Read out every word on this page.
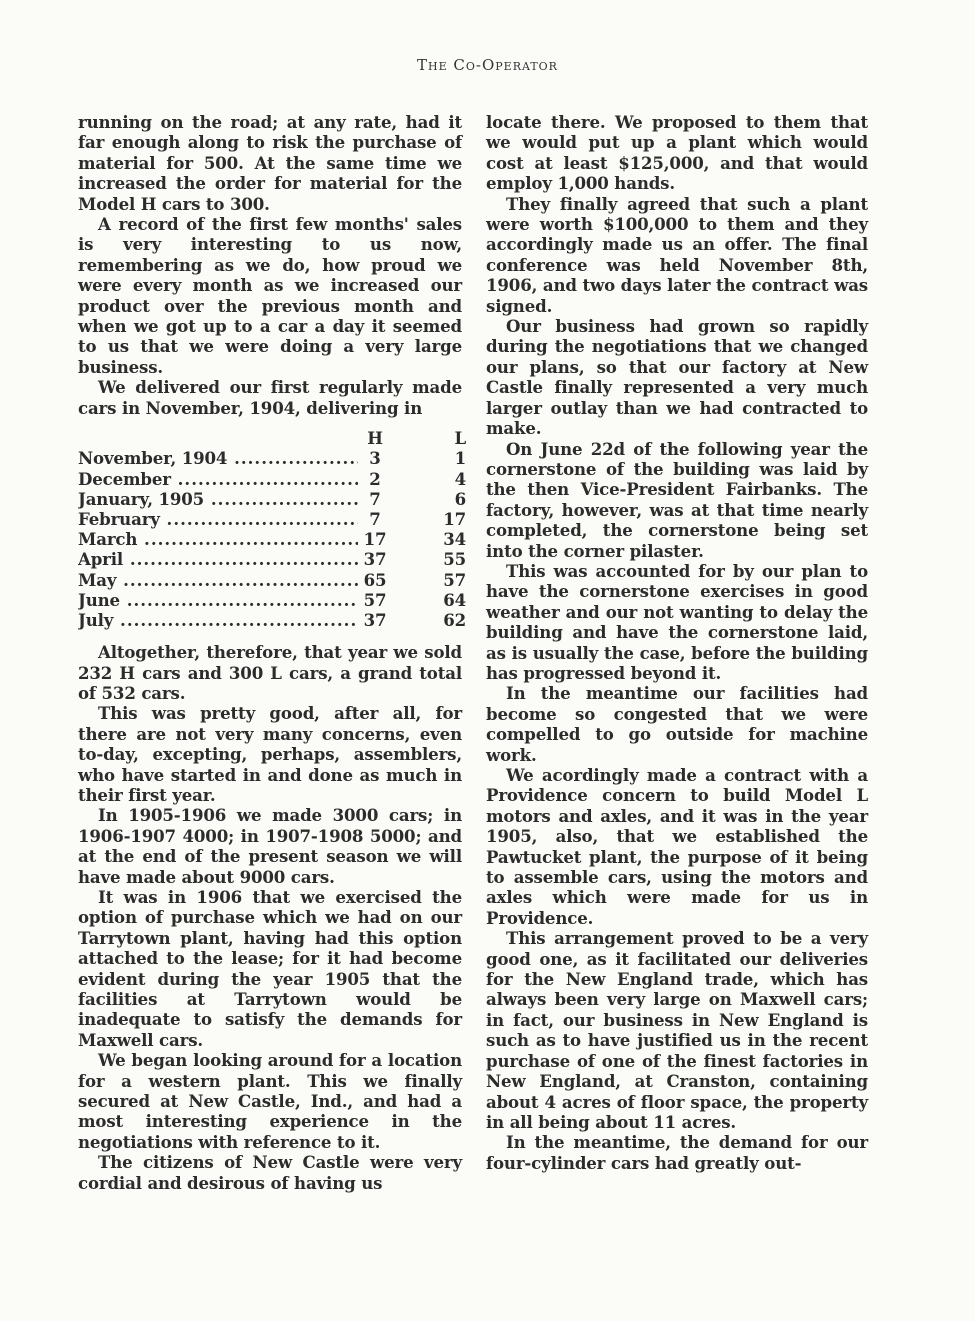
The Co-Operator

running on the road; at any rate, had it far enough along to risk the purchase of material for 500. At the same time we increased the order for material for the Model H cars to 300.

A record of the first few months' sales is very interesting to us now, remembering as we do, how proud we were every month as we increased our product over the previous month and when we got up to a car a day it seemed to us that we were doing a very large business.

We delivered our first regularly made cars in November, 1904, delivering in

H	L
November, 1904 .....	3	1
December .....	2	4
January, 1905 .....	7	6
February .....	7	17
March .....	17	34
April .....	37	55
May .....	65	57
June .....	57	64
July .....	37	62

Altogether, therefore, that year we sold 232 H cars and 300 L cars, a grand total of 532 cars.

This was pretty good, after all, for there are not very many concerns, even to-day, excepting, perhaps, assemblers, who have started in and done as much in their first year.

In 1905-1906 we made 3000 cars; in 1906-1907 4000; in 1907-1908 5000; and at the end of the present season we will have made about 9000 cars.

It was in 1906 that we exercised the option of purchase which we had on our Tarrytown plant, having had this option attached to the lease; for it had become evident during the year 1905 that the facilities at Tarrytown would be inadequate to satisfy the demands for Maxwell cars.

We began looking around for a location for a western plant. This we finally secured at New Castle, Ind., and had a most interesting experience in the negotiations with reference to it.

The citizens of New Castle were very cordial and desirous of having us

locate there. We proposed to them that we would put up a plant which would cost at least $125,000, and that would employ 1,000 hands.

They finally agreed that such a plant were worth $100,000 to them and they accordingly made us an offer. The final conference was held November 8th, 1906, and two days later the contract was signed.

Our business had grown so rapidly during the negotiations that we changed our plans, so that our factory at New Castle finally represented a very much larger outlay than we had contracted to make.

On June 22d of the following year the cornerstone of the building was laid by the then Vice-President Fairbanks. The factory, however, was at that time nearly completed, the cornerstone being set into the corner pilaster.

This was accounted for by our plan to have the cornerstone exercises in good weather and our not wanting to delay the building and have the cornerstone laid, as is usually the case, before the building has progressed beyond it.

In the meantime our facilities had become so congested that we were compelled to go outside for machine work.

We acordingly made a contract with a Providence concern to build Model L motors and axles, and it was in the year 1905, also, that we established the Pawtucket plant, the purpose of it being to assemble cars, using the motors and axles which were made for us in Providence.

This arrangement proved to be a very good one, as it facilitated our deliveries for the New England trade, which has always been very large on Maxwell cars; in fact, our business in New England is such as to have justified us in the recent purchase of one of the finest factories in New England, at Cranston, containing about 4 acres of floor space, the property in all being about 11 acres.

In the meantime, the demand for our four-cylinder cars had greatly out-
